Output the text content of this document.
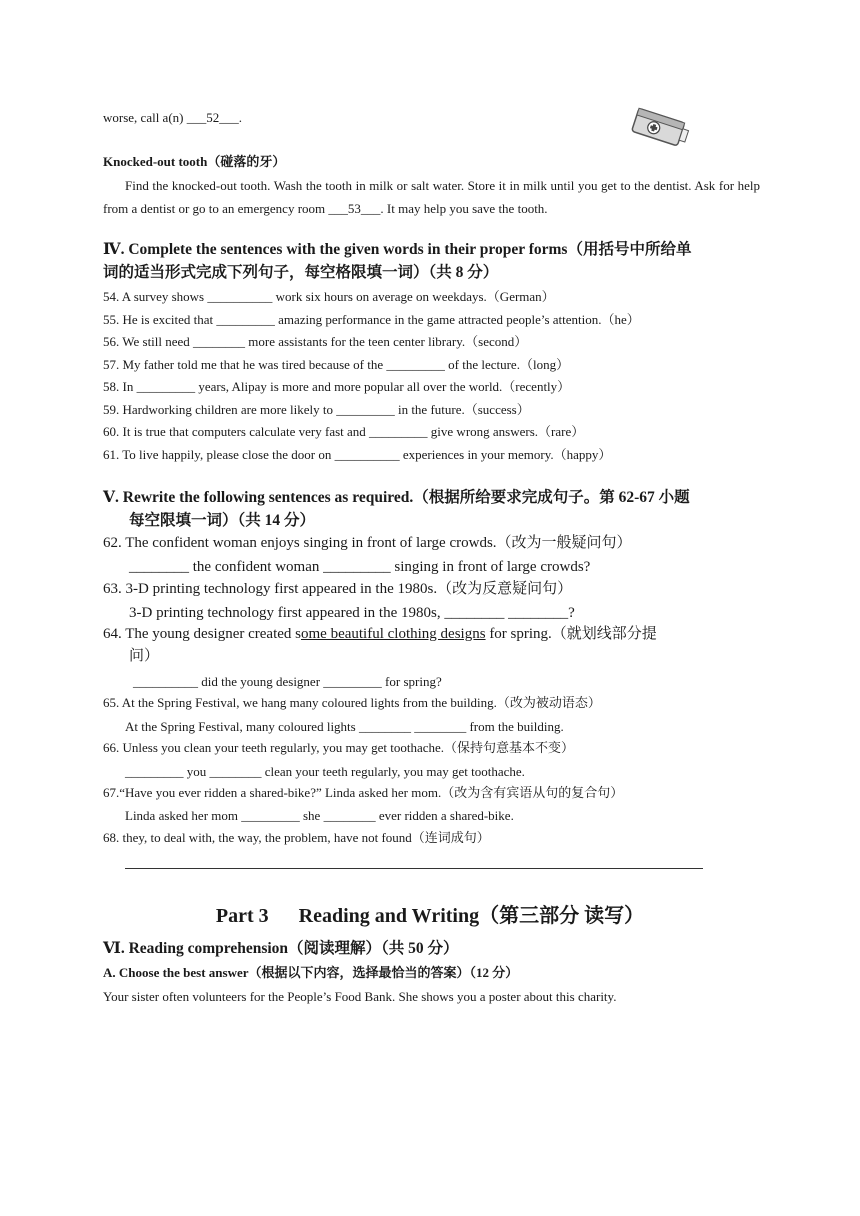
worse, call a(n) ___52___.
Knocked-out tooth（碰落的牙）
Find the knocked-out tooth. Wash the tooth in milk or salt water. Store it in milk until you get to the dentist. Ask for help from a dentist or go to an emergency room ___53___. It may help you save the tooth.
Ⅳ. Complete the sentences with the given words in their proper forms（用括号中所给单
词的适当形式完成下列句子，每空格限填一词）（共 8 分）
54. A survey shows __________ work six hours on average on weekdays.（German）
55. He is excited that _________ amazing performance in the game attracted people’s attention.（he）
56. We still need ________ more assistants for the teen center library.（second）
57. My father told me that he was tired because of the _________ of the lecture.（long）
58. In _________ years, Alipay is more and more popular all over the world.（recently）
59. Hardworking children are more likely to _________ in the future.（success）
60. It is true that computers calculate very fast and _________ give wrong answers.（rare）
61. To live happily, please close the door on __________ experiences in your memory.（happy）
Ⅴ. Rewrite the following sentences as required.（根据所给要求完成句子。第 62-67 小题
每空限填一词）（共 14 分）
62. The confident woman enjoys singing in front of large crowds.（改为一般疑问句）
________ the confident woman _________ singing in front of large crowds?
63. 3-D printing technology first appeared in the 1980s.（改为反意疑问句）
3-D printing technology first appeared in the 1980s, ________ ________?
64. The young designer created some beautiful clothing designs for spring.（就划线部分提
问）
__________ did the young designer _________ for spring?
65. At the Spring Festival, we hang many coloured lights from the building.（改为被动语态）
At the Spring Festival, many coloured lights ________ ________ from the building.
66. Unless you clean your teeth regularly, you may get toothache.（保持句意基本不变）
_________ you ________ clean your teeth regularly, you may get toothache.
67.“Have you ever ridden a shared-bike?” Linda asked her mom.（改为含有宾语从句的复合句）
Linda asked her mom _________ she ________ ever ridden a shared-bike.
68. they, to deal with, the way, the problem, have not found（连词成句）
Part 3 Reading and Writing（第三部分 读写）
Ⅵ. Reading comprehension（阅读理解）（共 50 分）
A. Choose the best answer（根据以下内容，选择最恰当的答案）（12 分）
Your sister often volunteers for the People’s Food Bank. She shows you a poster about this charity.
